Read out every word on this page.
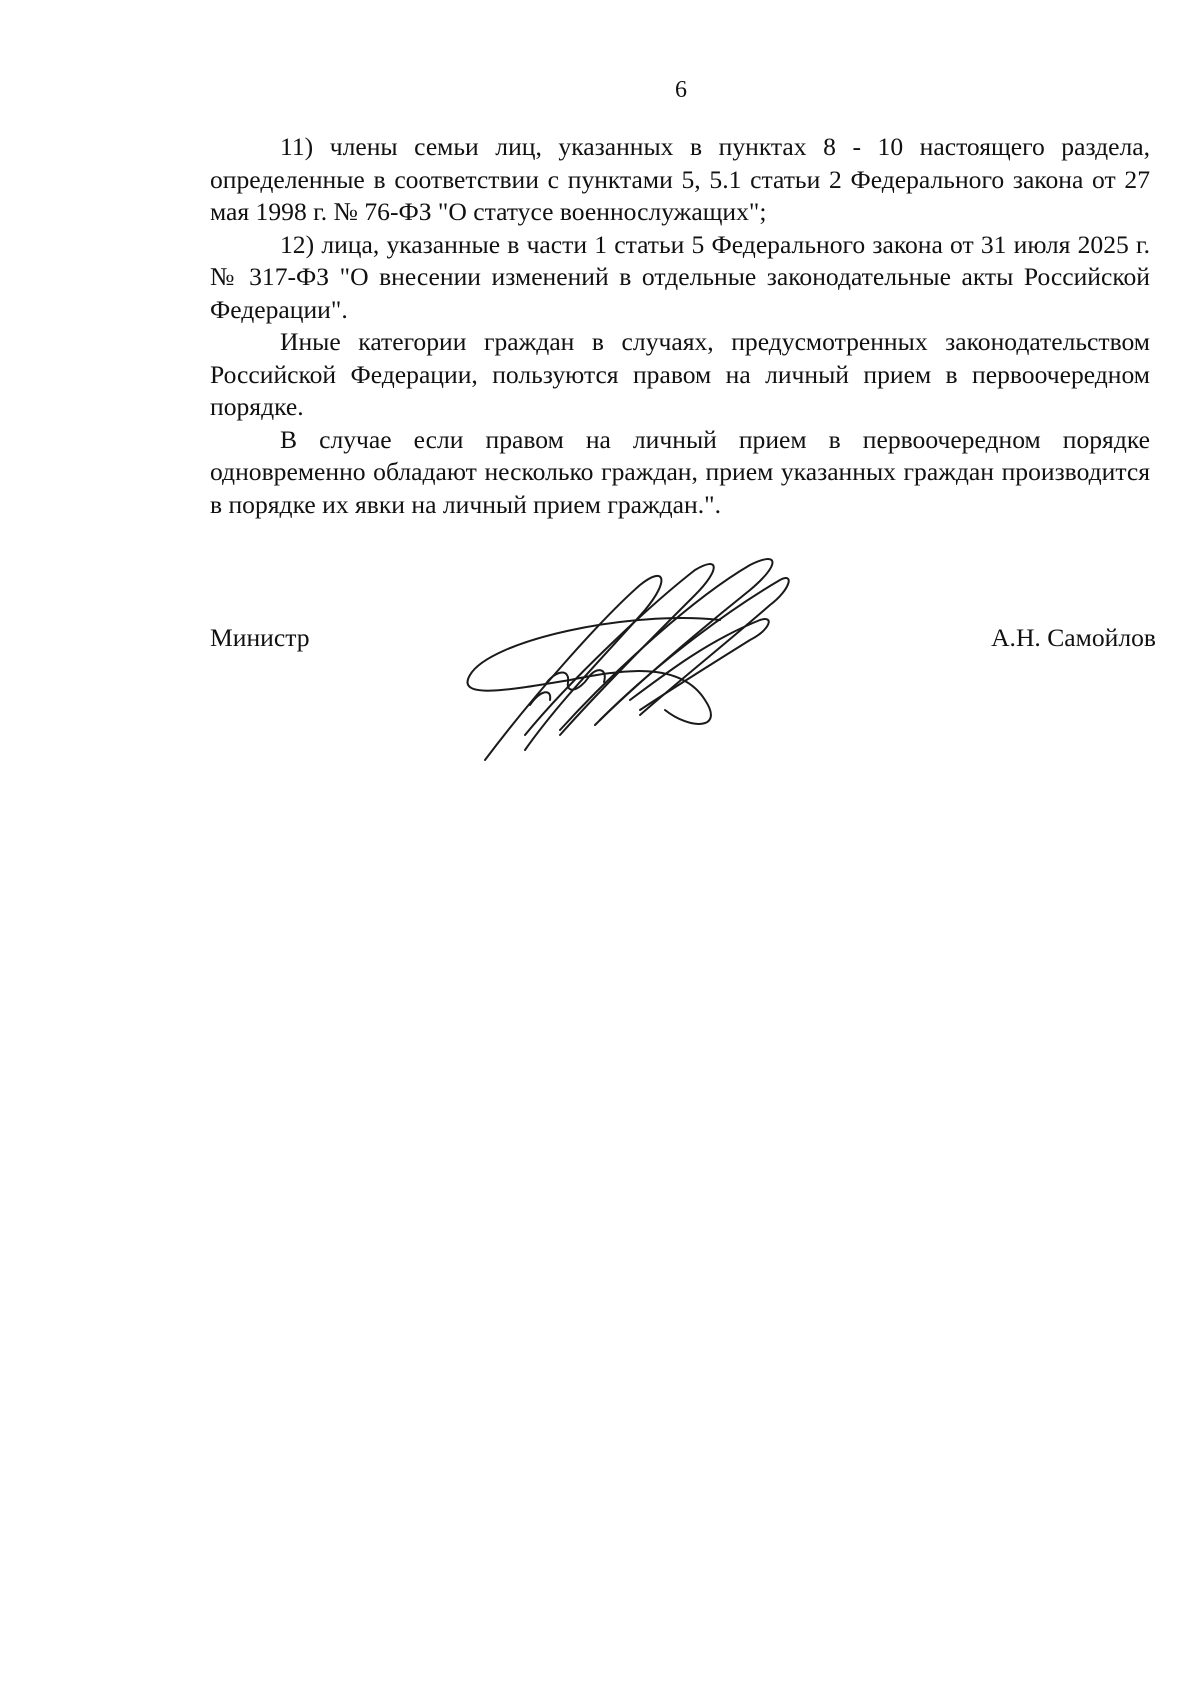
6

11) члены семьи лиц, указанных в пунктах 8 - 10 настоящего раздела, определенные в соответствии с пунктами 5, 5.1 статьи 2 Федерального закона от 27 мая 1998 г. № 76-ФЗ "О статусе военнослужащих";

12) лица, указанные в части 1 статьи 5 Федерального закона от 31 июля 2025 г. № 317-ФЗ "О внесении изменений в отдельные законодательные акты Российской Федерации".

Иные категории граждан в случаях, предусмотренных законодательством Российской Федерации, пользуются правом на личный прием в первоочередном порядке.

В случае если правом на личный прием в первоочередном порядке одновременно обладают несколько граждан, прием указанных граждан производится в порядке их явки на личный прием граждан.".

Министр	А.Н. Самойлов
